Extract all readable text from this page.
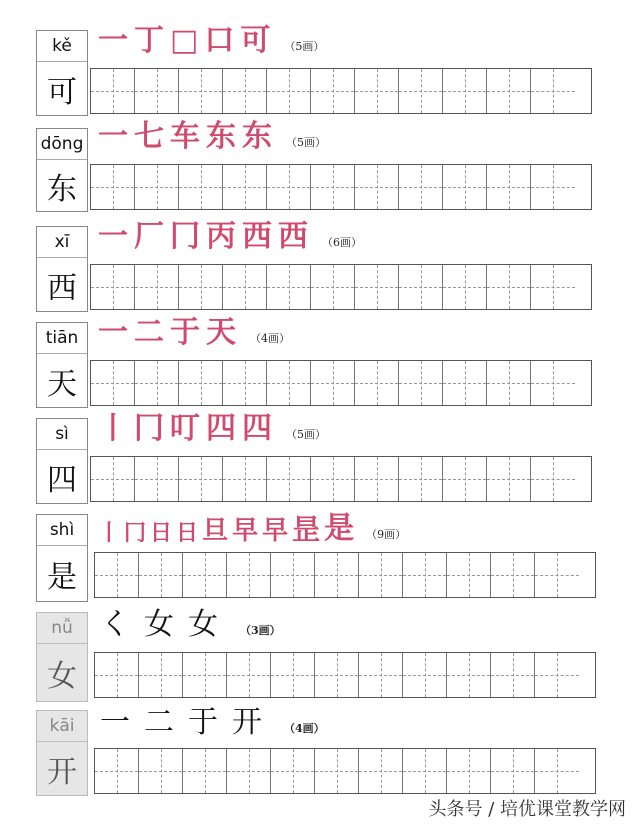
kě
可
一 丁 □ 口 可 （5画）
dōng
东
一 七 车 东 东 （5画）
xī
西
一 厂 冂 丙 西 西 （6画）
tiān
天
一 二 于 天 （4画）
sì
四
丨 冂 叮 四 四 （5画）
shì
是
丨 冂 日 日 旦 早 早 昰 是 （9画）
nǚ
女
く 女 女 （3画）
kāi
开
一 二 于 开 （4画）
头条号 / 培优课堂教学网
